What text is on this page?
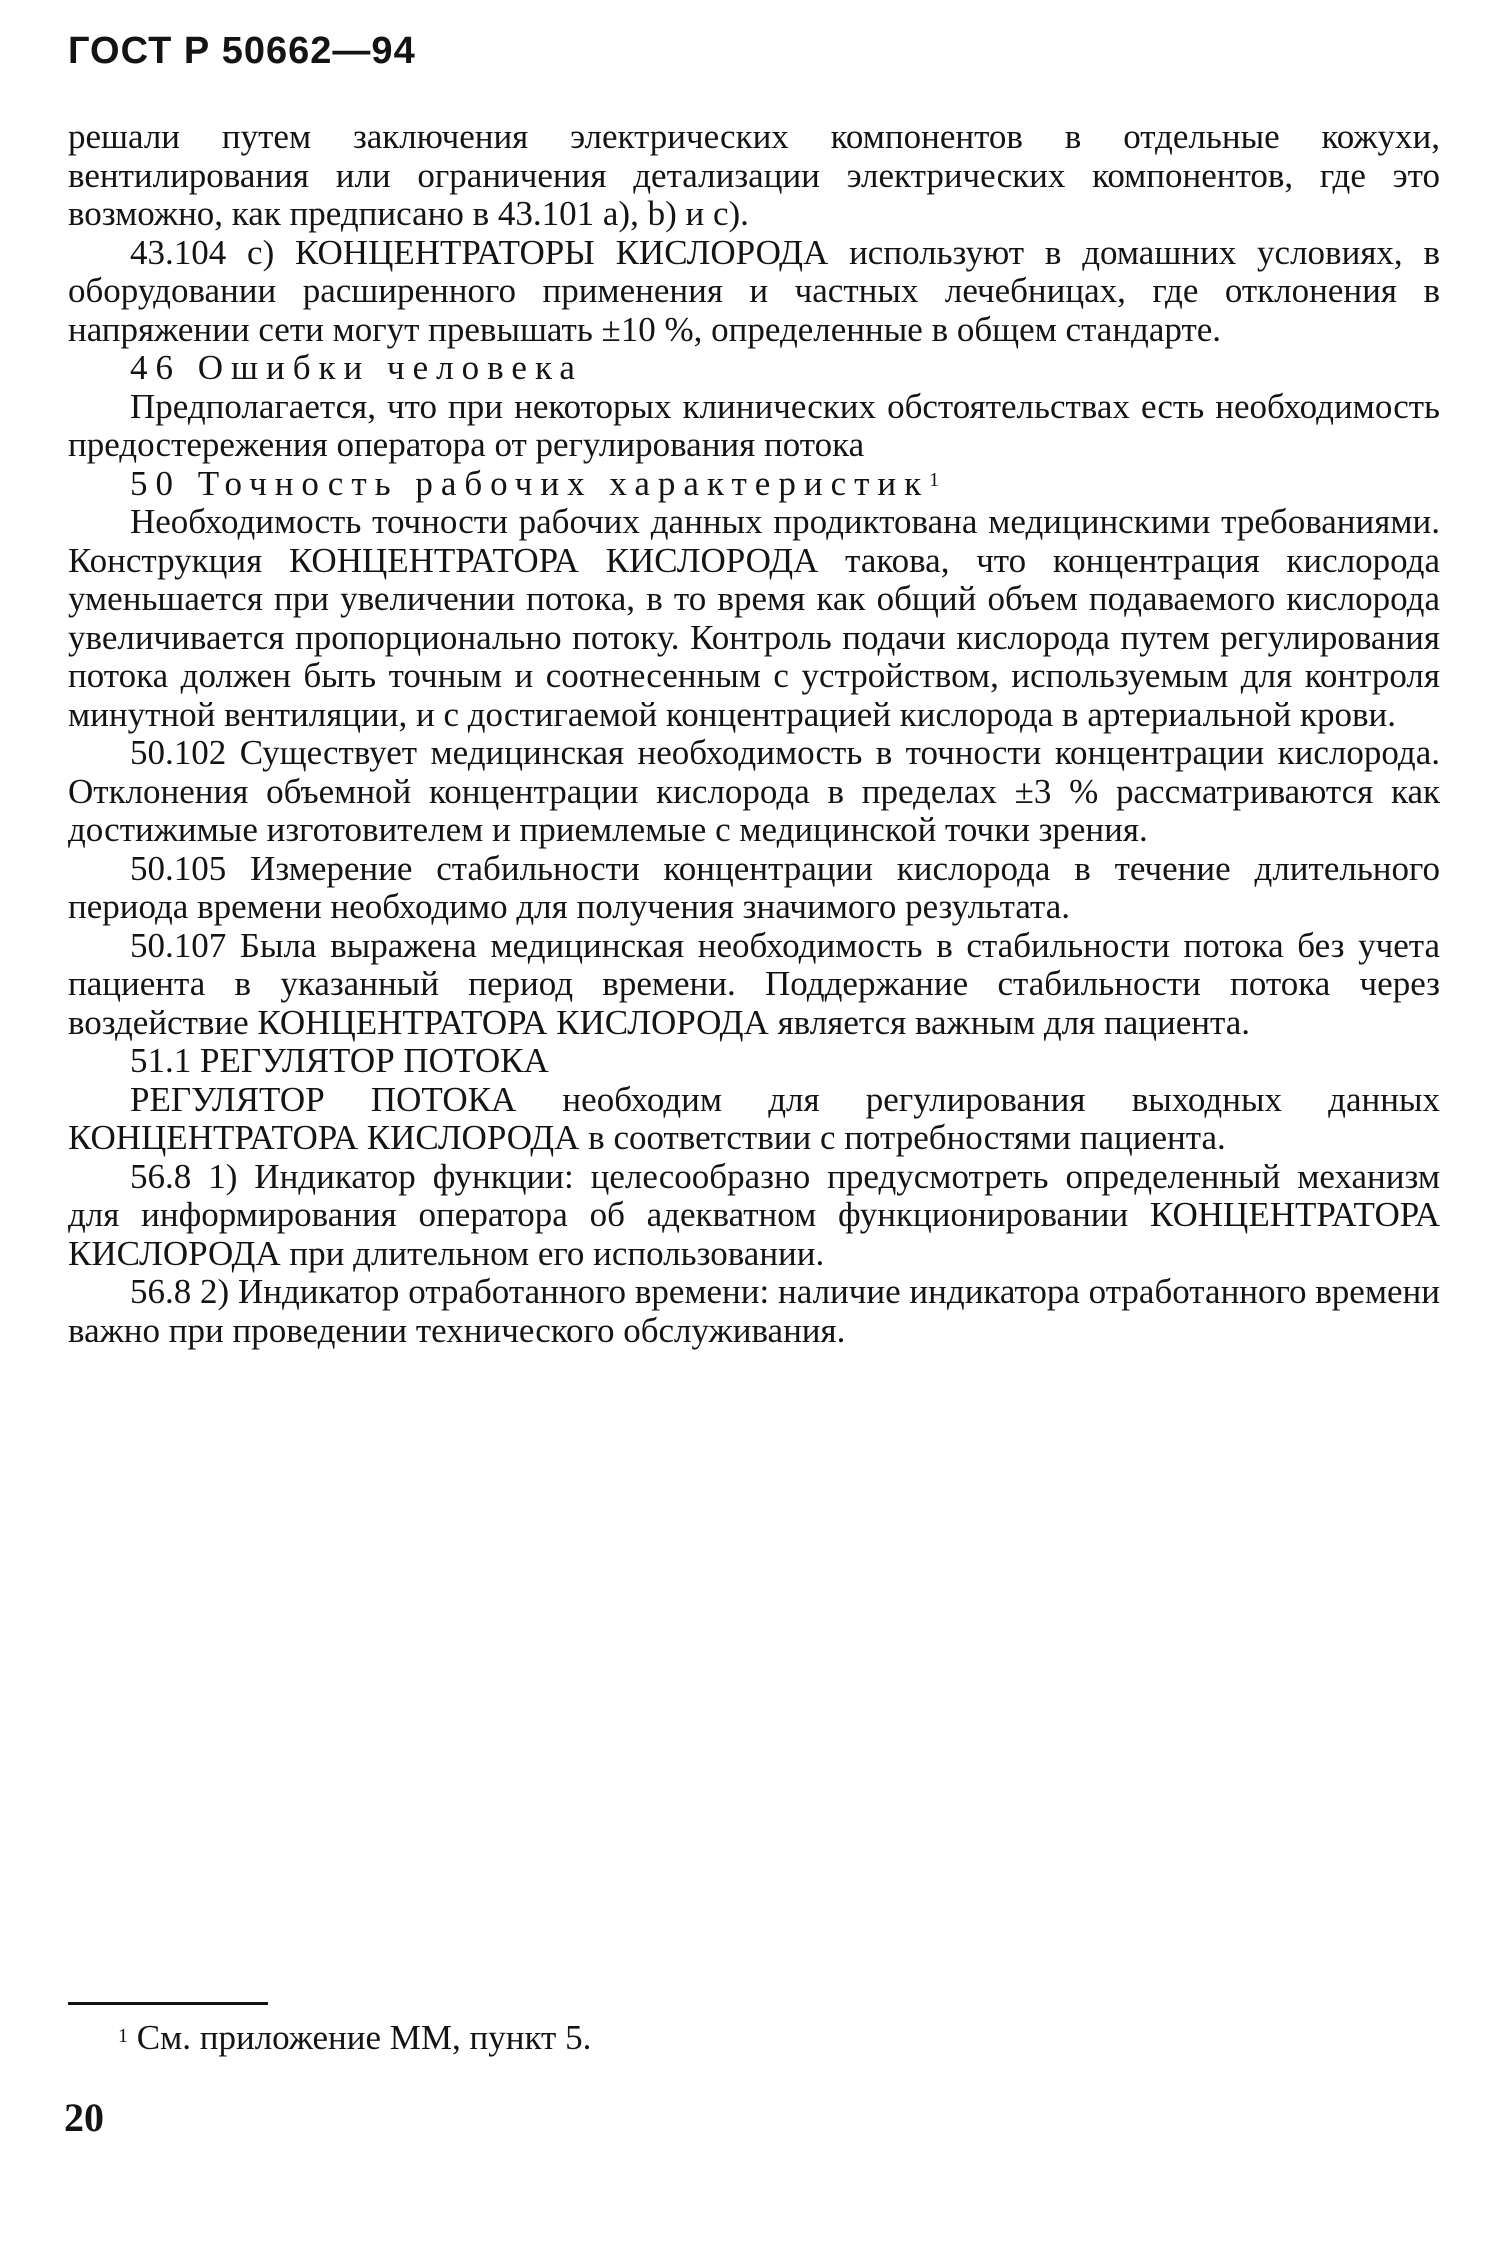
ГОСТ Р 50662—94

решали путем заключения электрических компонентов в отдельные кожухи, вентилирования или ограничения детализации электрических компонентов, где это возможно, как предписано в 43.101 а), b) и с).

43.104 с) КОНЦЕНТРАТОРЫ КИСЛОРОДА используют в домашних условиях, в оборудовании расширенного применения и частных лечебницах, где отклонения в напряжении сети могут превышать ±10 %, определенные в общем стандарте.

46 Ошибки человека

Предполагается, что при некоторых клинических обстоятельствах есть необходимость предостережения оператора от регулирования потока

50 Точность рабочих характеристик$^1$

Необходимость точности рабочих данных продиктована медицинскими требованиями. Конструкция КОНЦЕНТРАТОРА КИСЛОРОДА такова, что концентрация кислорода уменьшается при увеличении потока, в то время как общий объем подаваемого кислорода увеличивается пропорционально потоку. Контроль подачи кислорода путем регулирования потока должен быть точным и соотнесенным с устройством, используемым для контроля минутной вентиляции, и с достигаемой концентрацией кислорода в артериальной крови.

50.102 Существует медицинская необходимость в точности концентрации кислорода. Отклонения объемной концентрации кислорода в пределах ±3 % рассматриваются как достижимые изготовителем и приемлемые с медицинской точки зрения.

50.105 Измерение стабильности концентрации кислорода в течение длительного периода времени необходимо для получения значимого результата.

50.107 Была выражена медицинская необходимость в стабильности потока без учета пациента в указанный период времени. Поддержание стабильности потока через воздействие КОНЦЕНТРАТОРА КИСЛОРОДА является важным для пациента.

51.1 РЕГУЛЯТОР ПОТОКА

РЕГУЛЯТОР ПОТОКА необходим для регулирования выходных данных КОНЦЕНТРАТОРА КИСЛОРОДА в соответствии с потребностями пациента.

56.8 1) Индикатор функции: целесообразно предусмотреть определенный механизм для информирования оператора об адекватном функционировании КОНЦЕНТРАТОРА КИСЛОРОДА при длительном его использовании.

56.8 2) Индикатор отработанного времени: наличие индикатора отработанного времени важно при проведении технического обслуживания.

$^1$ См. приложение ММ, пункт 5.
20
